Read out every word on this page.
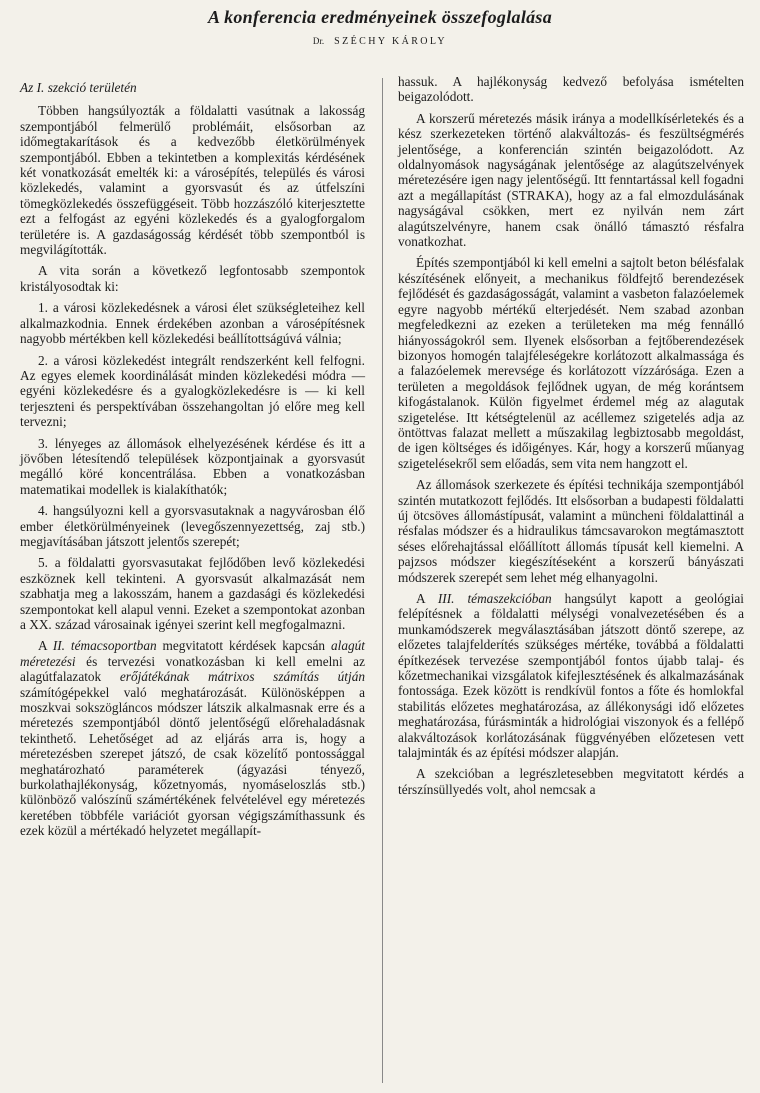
A konferencia eredményeinek összefoglalása
Dr. SZÉCHY KÁROLY
Az I. szekció területén

Többen hangsúlyozták a földalatti vasútnak a lakosság szempontjából felmerülő problémáit, elsősorban az időmegtakarítások és a kedvezőbb életkörülmények szempontjából. Ebben a tekintetben a komplexitás kérdésének két vonatkozását emelték ki: a városépítés, település és városi közlekedés, valamint a gyorsvasút és az útfelszíni tömegközlekedés összefüggéseit. Több hozzászóló kiterjesztette ezt a felfogást az egyéni közlekedés és a gyalogforgalom területére is. A gazdaságosság kérdését több szempontból is megvilágították.

A vita során a következő legfontosabb szempontok kristályosodtak ki:

1. a városi közlekedésnek a városi élet szükségleteihez kell alkalmazkodnia. Ennek érdekében azonban a városépítésnek nagyobb mértékben kell közlekedési beállítottságúvá válnia;

2. a városi közlekedést integrált rendszerként kell felfogni. Az egyes elemek koordinálását minden közlekedési módra — egyéni közlekedésre és a gyalogközlekedésre is — ki kell terjeszteni és perspektívában összehangoltan jó előre meg kell tervezni;

3. lényeges az állomások elhelyezésének kérdése és itt a jövőben létesítendő települések központjainak a gyorsvasút megálló köré koncentrálása. Ebben a vonatkozásban matematikai modellek is kialakíthatók;

4. hangsúlyozni kell a gyorsvasutaknak a nagyvárosban élő ember életkörülményeinek (levegőszennyezettség, zaj stb.) megjavításában játszott jelentős szerepét;

5. a földalatti gyorsvasutakat fejlődőben levő közlekedési eszköznek kell tekinteni. A gyorsvasút alkalmazását nem szabhatja meg a lakosszám, hanem a gazdasági és közlekedési szempontokat kell alapul venni. Ezeket a szempontokat azonban a XX. század városainak igényei szerint kell megfogalmazni.

A II. témacsoportban megvitatott kérdések kapcsán alagút méretezési és tervezési vonatkozásban ki kell emelni az alagútfalazatok erőjátékának mátrixos számítás útján számítógépekkel való meghatározását. Különösképpen a moszkvai sokszögláncos módszer látszik alkalmasnak erre és a méretezés szempontjából döntő jelentőségű előrehaladásnak tekinthető. Lehetőséget ad az eljárás arra is, hogy a méretezésben szerepet játszó, de csak közelítő pontossággal meghatározható paraméterek (ágyazási tényező, burkolathajlékonyság, kőzetnyomás, nyomáseloszlás stb.) különböző valószínű számértékének felvételével egy méretezés keretében többféle variációt gyorsan végigszámíthassunk és ezek közül a mértékadó helyzetet megállapít-

hassuk. A hajlékonyság kedvező befolyása ismételten beigazolódott.

A korszerű méretezés másik iránya a modellkísérletekés és a kész szerkezeteken történő alakváltozás- és feszültségmérés jelentősége, a konferencián szintén beigazolódott. Az oldalnyomások nagyságának jelentősége az alagútszelvények méretezésére igen nagy jelentőségű. Itt fenntartással kell fogadni azt a megállapítást (STRAKA), hogy az a fal elmozdulásának nagyságával csökken, mert ez nyilván nem zárt alagútszelvényre, hanem csak önálló támasztó résfalra vonatkozhat.

Építés szempontjából ki kell emelni a sajtolt beton bélésfalak készítésének előnyeit, a mechanikus földfejtő berendezések fejlődését és gazdaságosságát, valamint a vasbeton falazóelemek egyre nagyobb mértékű elterjedését. Nem szabad azonban megfeledkezni az ezeken a területeken ma még fennálló hiányosságokról sem. Ilyenek elsősorban a fejtőberendezések bizonyos homogén talajféleségekre korlátozott alkalmassága és a falazóelemek merevsége és korlátozott vízzárósága. Ezen a területen a megoldások fejlődnek ugyan, de még korántsem kifogástalanok. Külön figyelmet érdemel még az alagutak szigetelése. Itt kétségtelenül az acéllemez szigetelés adja az öntöttvas falazat mellett a műszakilag legbiztosabb megoldást, de igen költséges és időigényes. Kár, hogy a korszerű műanyag szigetelésekről sem előadás, sem vita nem hangzott el.

Az állomások szerkezete és építési technikája szempontjából szintén mutatkozott fejlődés. Itt elsősorban a budapesti földalatti új ötcsöves állomástípusát, valamint a müncheni földalattinál a résfalas módszer és a hidraulikus támcsavarokon megtámasztott séses előrehajtással előállított állomás típusát kell kiemelni. A pajzsos módszer kiegészítéseként a korszerű bányászati módszerek szerepét sem lehet még elhanyagolni.

A III. témaszekcióban hangsúlyt kapott a geológiai felépítésnek a földalatti mélységi vonalvezetésében és a munkamódszerek megválasztásában játszott döntő szerepe, az előzetes talajfelderítés szükséges mértéke, továbbá a földalatti építkezések tervezése szempontjából fontos újabb talaj- és kőzetmechanikai vizsgálatok kifejlesztésének és alkalmazásának fontossága. Ezek között is rendkívül fontos a főte és homlokfal stabilitás előzetes meghatározása, az állékonysági idő előzetes meghatározása, fúrásminták a hidrológiai viszonyok és a fellépő alakváltozások korlátozásának függvényében előzetesen vett talajminták és az építési módszer alapján.

A szekcióban a legrészletesebben megvitatott kérdés a térszínsüllyedés volt, ahol nemcsak a
